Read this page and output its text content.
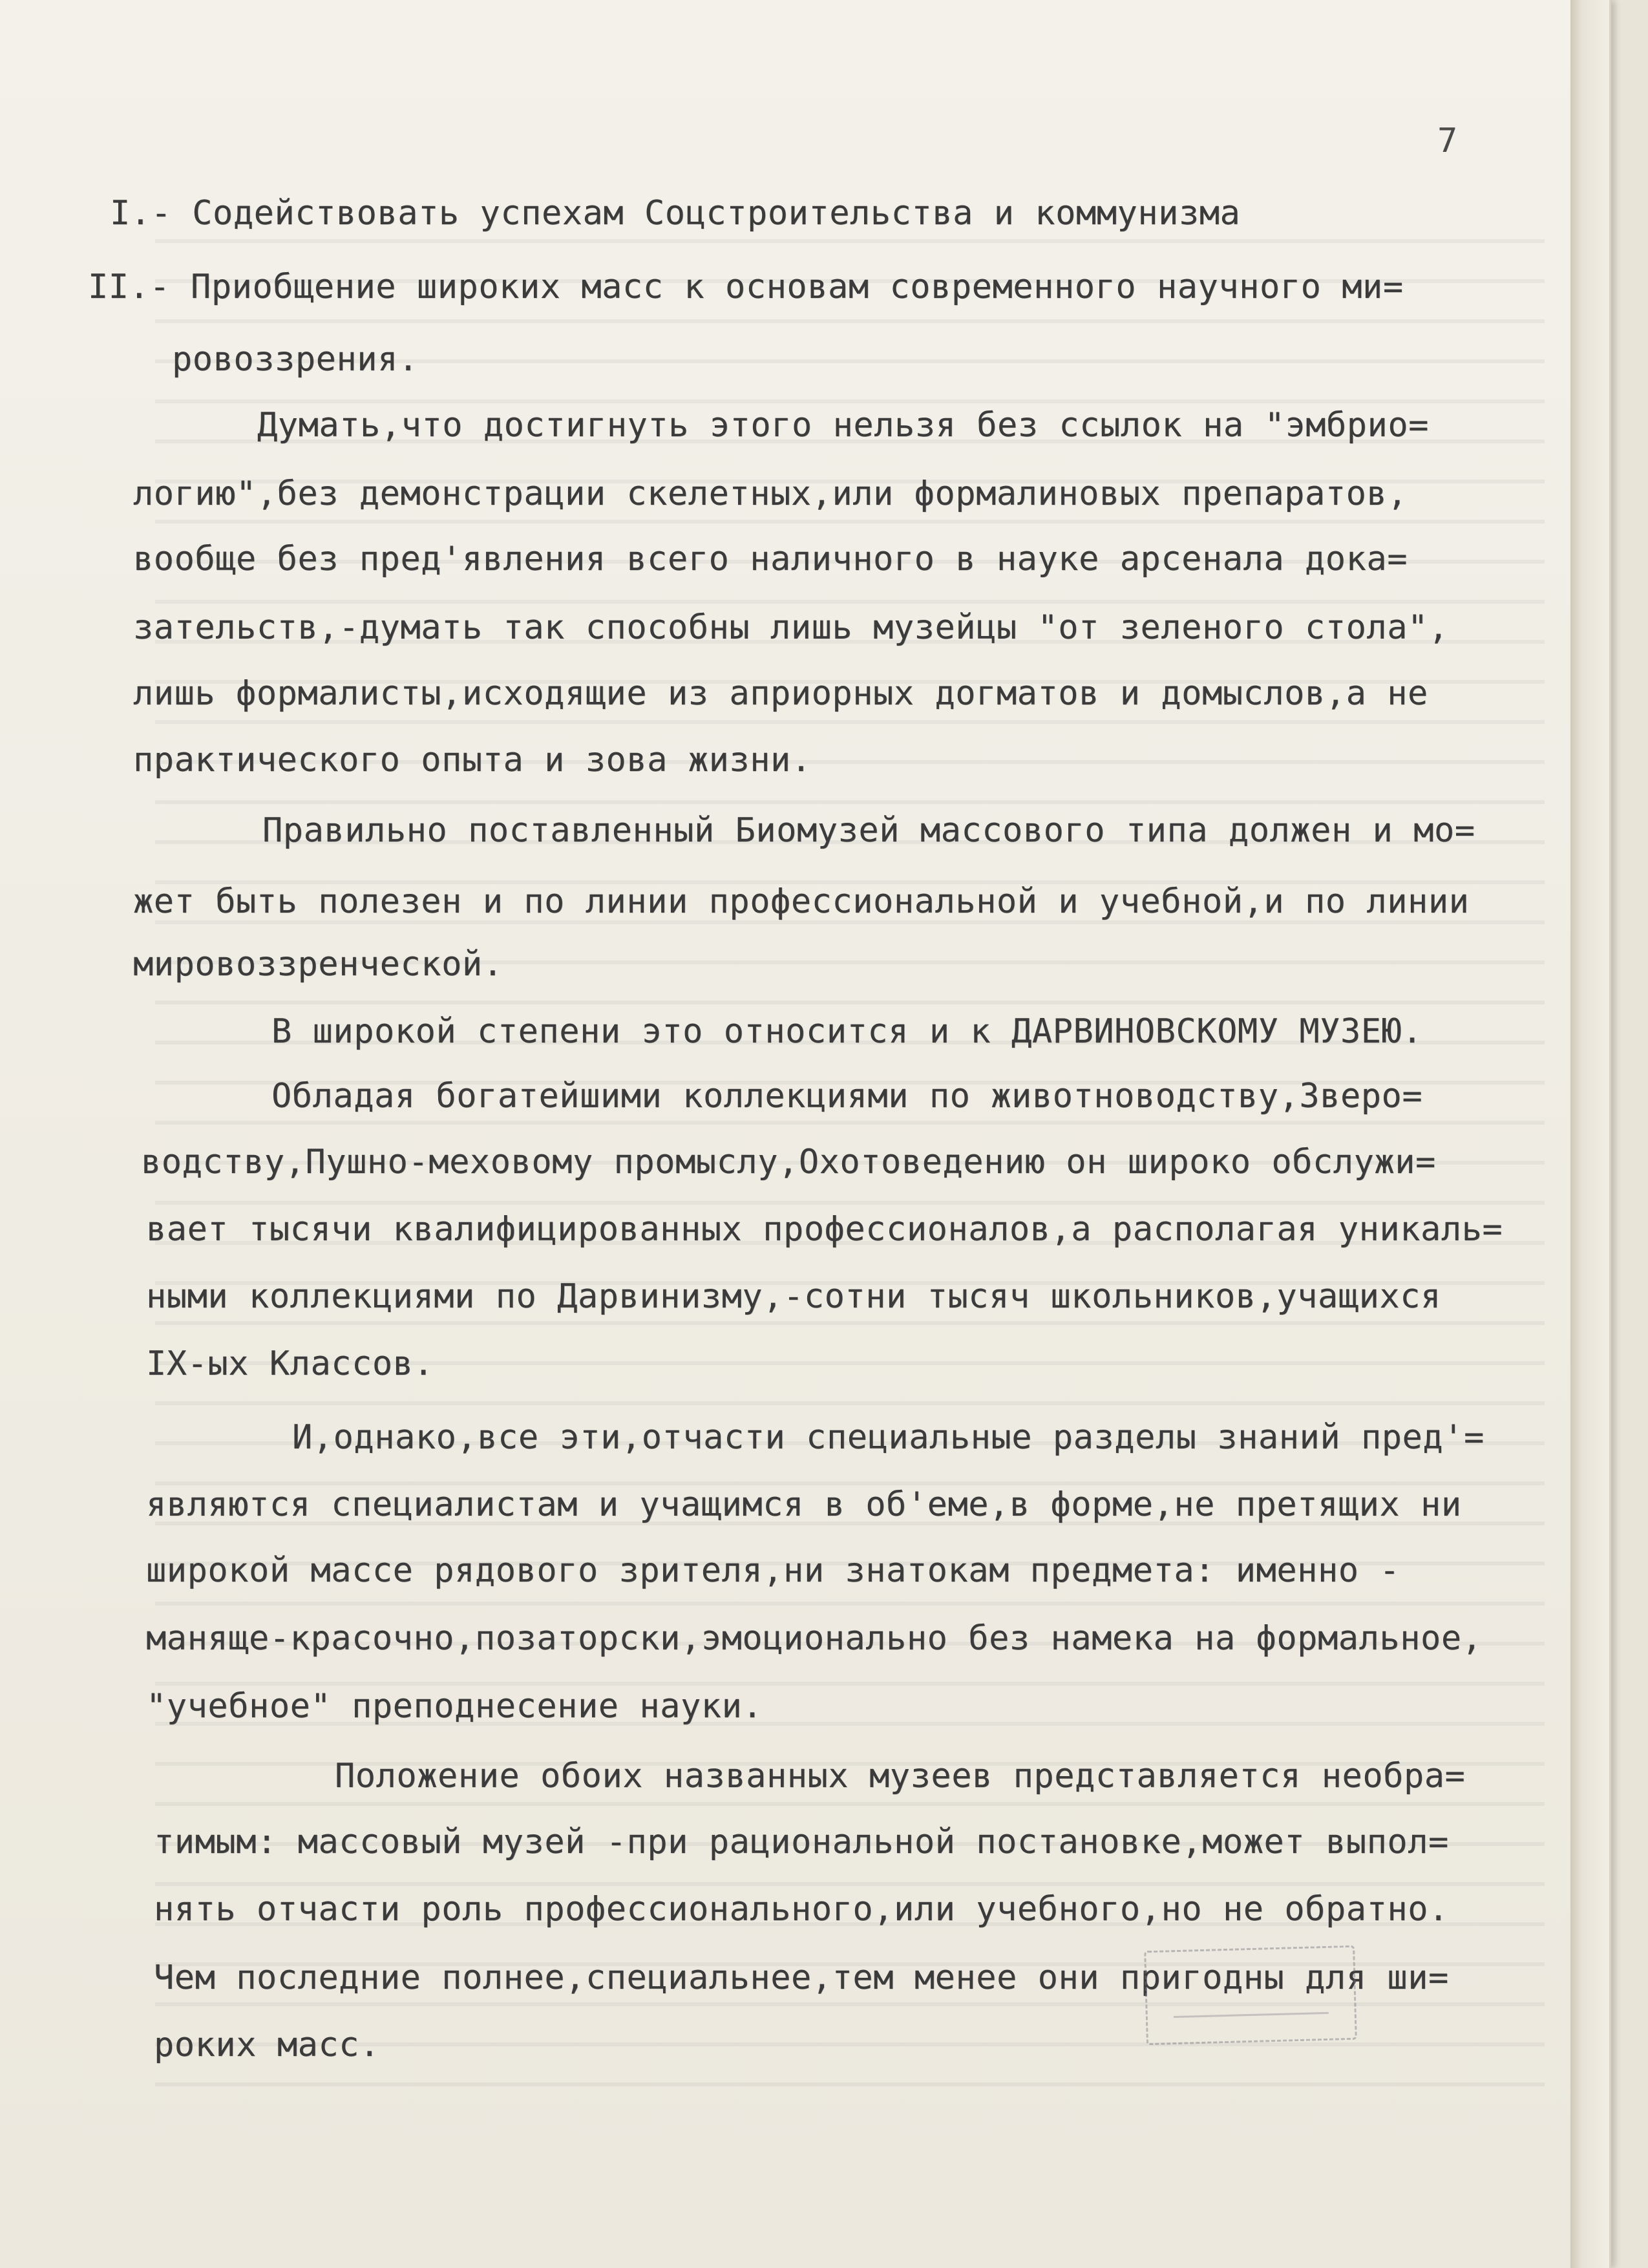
7
I.- Содействовать успехам Соцстроительства и коммунизма
II.- Приобщение широких масс к основам современного научного ми=
ровоззрения.
Думать,что достигнуть этого нельзя без ссылок на "эмбрио=
логию",без демонстрации скелетных,или формалиновых препаратов,
вообще без пред'явления всего наличного в науке арсенала дока=
зательств,-думать так способны лишь музейцы "от зеленого стола",
лишь формалисты,исходящие из априорных догматов и домыслов,а не
практического опыта и зова жизни.
Правильно поставленный Биомузей массового типа должен и мо=
жет быть полезен и по линии профессиональной и учебной,и по линии
мировоззренческой.
В широкой степени это относится и к ДАРВИНОВСКОМУ МУЗЕЮ.
Обладая богатейшими коллекциями по животноводству,Зверо=
водству,Пушно-меховому промыслу,Охотоведению он широко обслужи=
вает тысячи квалифицированных профессионалов,а располагая уникаль=
ными коллекциями по Дарвинизму,-сотни тысяч школьников,учащихся
IX-ых Классов.
И,однако,все эти,отчасти специальные разделы знаний пред'=
являются специалистам и учащимся в об'еме,в форме,не претящих ни
широкой массе рядового зрителя,ни знатокам предмета: именно -
маняще-красочно,позаторски,эмоционально без намека на формальное,
"учебное" преподнесение науки.
Положение обоих названных музеев представляется необра=
тимым: массовый музей -при рациональной постановке,может выпол=
нять отчасти роль профессионального,или учебного,но не обратно.
Чем последние полнее,специальнее,тем менее они пригодны для ши=
роких масс.
